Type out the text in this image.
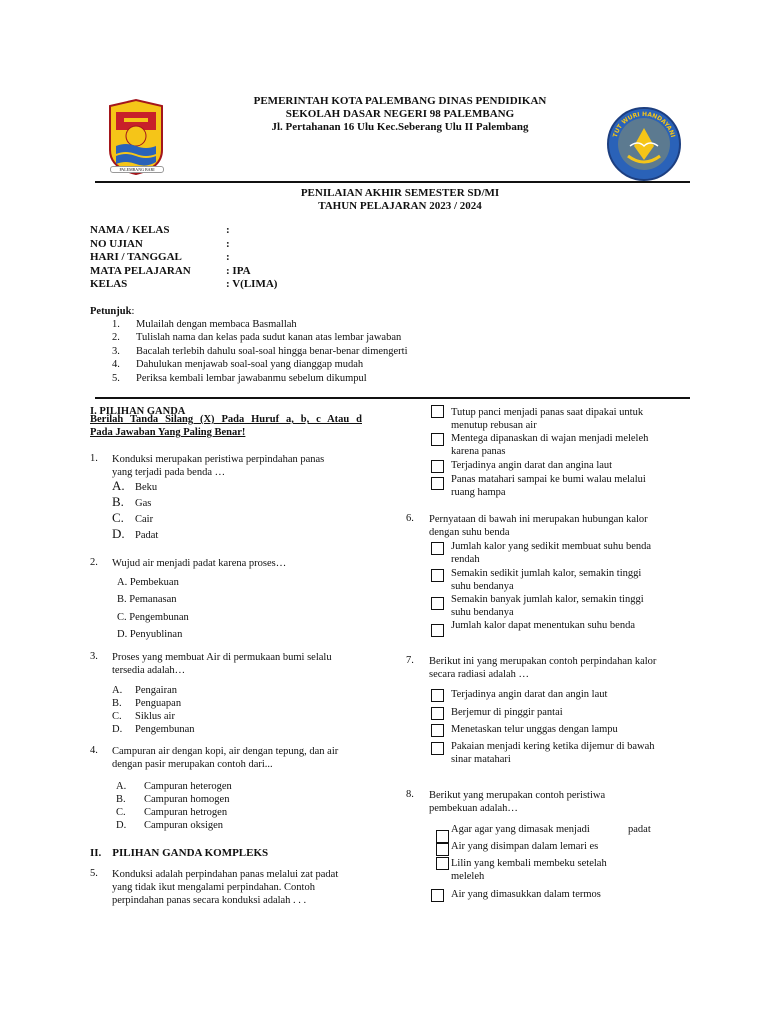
PALEMBANG BARI
TUT WURI HANDAYANI
PEMERINTAH KOTA PALEMBANG DINAS PENDIDIKAN
SEKOLAH DASAR NEGERI 98 PALEMBANG
Jl. Pertahanan 16 Ulu Kec.Seberang Ulu II Palembang
PENILAIAN AKHIR SEMESTER SD/MI
TAHUN PELAJARAN 2023 / 2024
NAMA / KELAS	:
NO UJIAN	:
HARI / TANGGAL	:
MATA PELAJARAN	: IPA
KELAS	: V(LIMA)
Petunjuk:
1. Mulailah dengan membaca Basmallah
2. Tulislah nama dan kelas pada sudut kanan atas lembar jawaban
3. Bacalah terlebih dahulu soal-soal hingga benar-benar dimengerti
4. Dahulukan menjawab soal-soal yang dianggap mudah
5. Periksa kembali lembar jawabanmu sebelum dikumpul
I. PILIHAN GANDA
Berilah Tanda Silang (X) Pada Huruf a, b, c Atau d
Pada Jawaban Yang Paling Benar!
1. Konduksi merupakan peristiwa perpindahan panas
yang terjadi pada benda …
A. Beku
B. Gas
C. Cair
D. Padat
2. Wujud air menjadi padat karena proses…
A. Pembekuan
B. Pemanasan
C. Pengembunan
D. Penyublinan
3. Proses yang membuat Air di permukaan bumi selalu
tersedia adalah…
A. Pengairan
B. Penguapan
C. Siklus air
D. Pengembunan
4. Campuran air dengan kopi, air dengan tepung, dan air
dengan pasir merupakan contoh dari...
A. Campuran heterogen
B. Campuran homogen
C. Campuran hetrogen
D. Campuran oksigen
II.    PILIHAN GANDA KOMPLEKS
5. Konduksi adalah perpindahan panas melalui zat padat
yang tidak ikut mengalami perpindahan. Contoh
perpindahan panas secara konduksi adalah . . .
Tutup panci menjadi panas saat dipakai untuk
menutup rebusan air
Mentega dipanaskan di wajan menjadi meleleh
karena panas
Terjadinya angin darat dan angina laut
Panas matahari sampai ke bumi walau melalui
ruang hampa
6. Pernyataan di bawah ini merupakan hubungan kalor
dengan suhu benda
Jumlah kalor yang sedikit membuat suhu benda
rendah
Semakin sedikit jumlah kalor, semakin tinggi
suhu bendanya
Semakin banyak jumlah kalor, semakin tinggi
suhu bendanya
Jumlah kalor dapat menentukan suhu benda
7. Berikut ini yang merupakan contoh perpindahan kalor
secara radiasi adalah …
Terjadinya angin darat dan angin laut
Berjemur di pinggir pantai
Menetaskan telur unggas dengan lampu
Pakaian menjadi kering ketika dijemur di bawah
sinar matahari
8. Berikut yang merupakan contoh peristiwa
pembekuan adalah…
Agar agar yang dimasak menjadi	padat
Air yang disimpan dalam lemari es
Lilin yang kembali membeku setelah
meleleh
Air yang dimasukkan dalam termos
